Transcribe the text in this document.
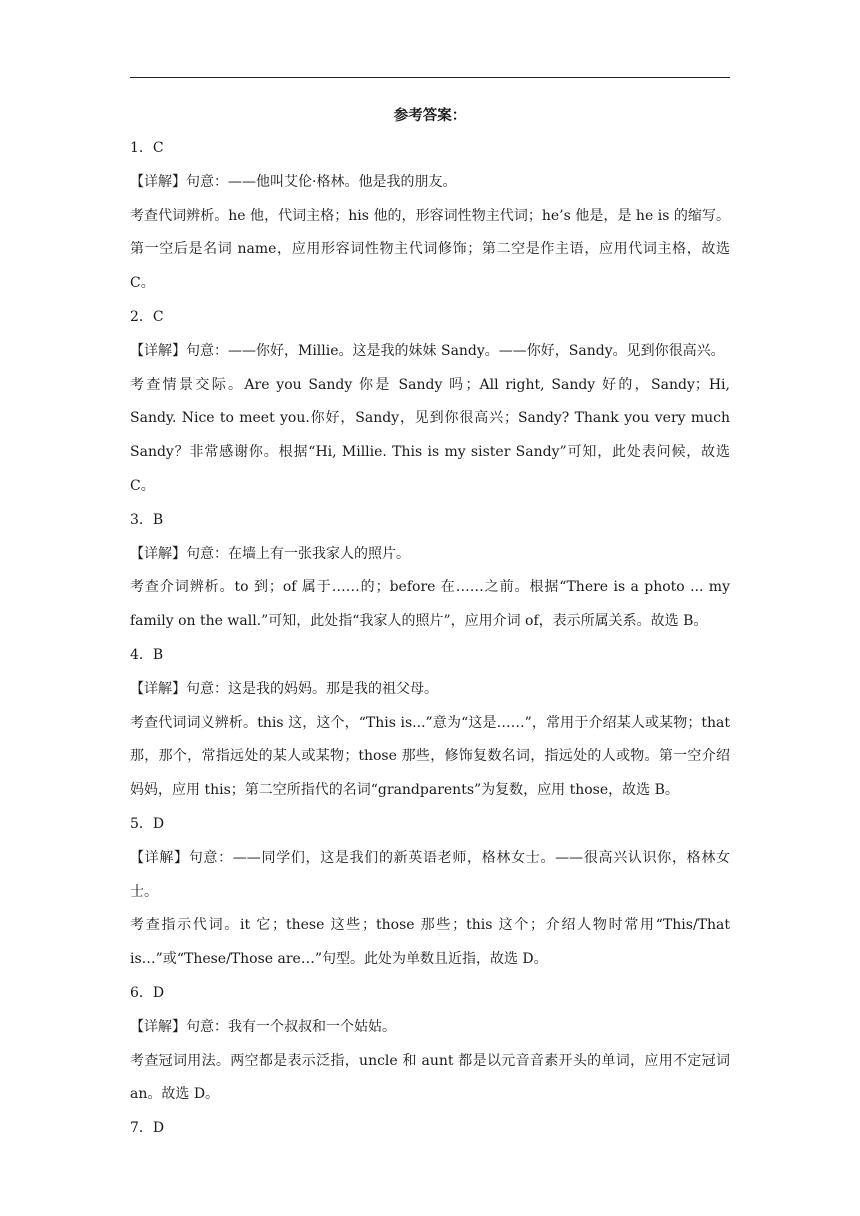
参考答案：

1．C

【详解】句意：——他叫艾伦·格林。他是我的朋友。

考查代词辨析。he 他，代词主格；his 他的，形容词性物主代词；he’s 他是，是 he is 的缩写。第一空后是名词 name，应用形容词性物主代词修饰；第二空是作主语，应用代词主格，故选 C。

2．C

【详解】句意：——你好，Millie。这是我的妹妹 Sandy。——你好，Sandy。见到你很高兴。

考查情景交际。Are you Sandy 你是 Sandy 吗；All right, Sandy 好的，Sandy；Hi, Sandy. Nice to meet you.你好，Sandy，见到你很高兴；Sandy? Thank you very much Sandy？非常感谢你。根据“Hi, Millie. This is my sister Sandy”可知，此处表问候，故选 C。

3．B

【详解】句意：在墙上有一张我家人的照片。

考查介词辨析。to 到；of 属于……的；before 在……之前。根据“There is a photo ... my family on the wall.”可知，此处指“我家人的照片”，应用介词 of，表示所属关系。故选 B。

4．B

【详解】句意：这是我的妈妈。那是我的祖父母。

考查代词词义辨析。this 这，这个，“This is...”意为“这是……”，常用于介绍某人或某物；that 那，那个，常指远处的某人或某物；those 那些，修饰复数名词，指远处的人或物。第一空介绍妈妈，应用 this；第二空所指代的名词“grandparents”为复数，应用 those，故选 B。

5．D

【详解】句意：——同学们，这是我们的新英语老师，格林女士。——很高兴认识你，格林女士。

考查指示代词。it 它；these 这些；those 那些；this 这个；介绍人物时常用“This/That is…”或“These/Those are…”句型。此处为单数且近指，故选 D。

6．D

【详解】句意：我有一个叔叔和一个姑姑。

考查冠词用法。两空都是表示泛指，uncle 和 aunt 都是以元音音素开头的单词，应用不定冠词 an。故选 D。

7．D
